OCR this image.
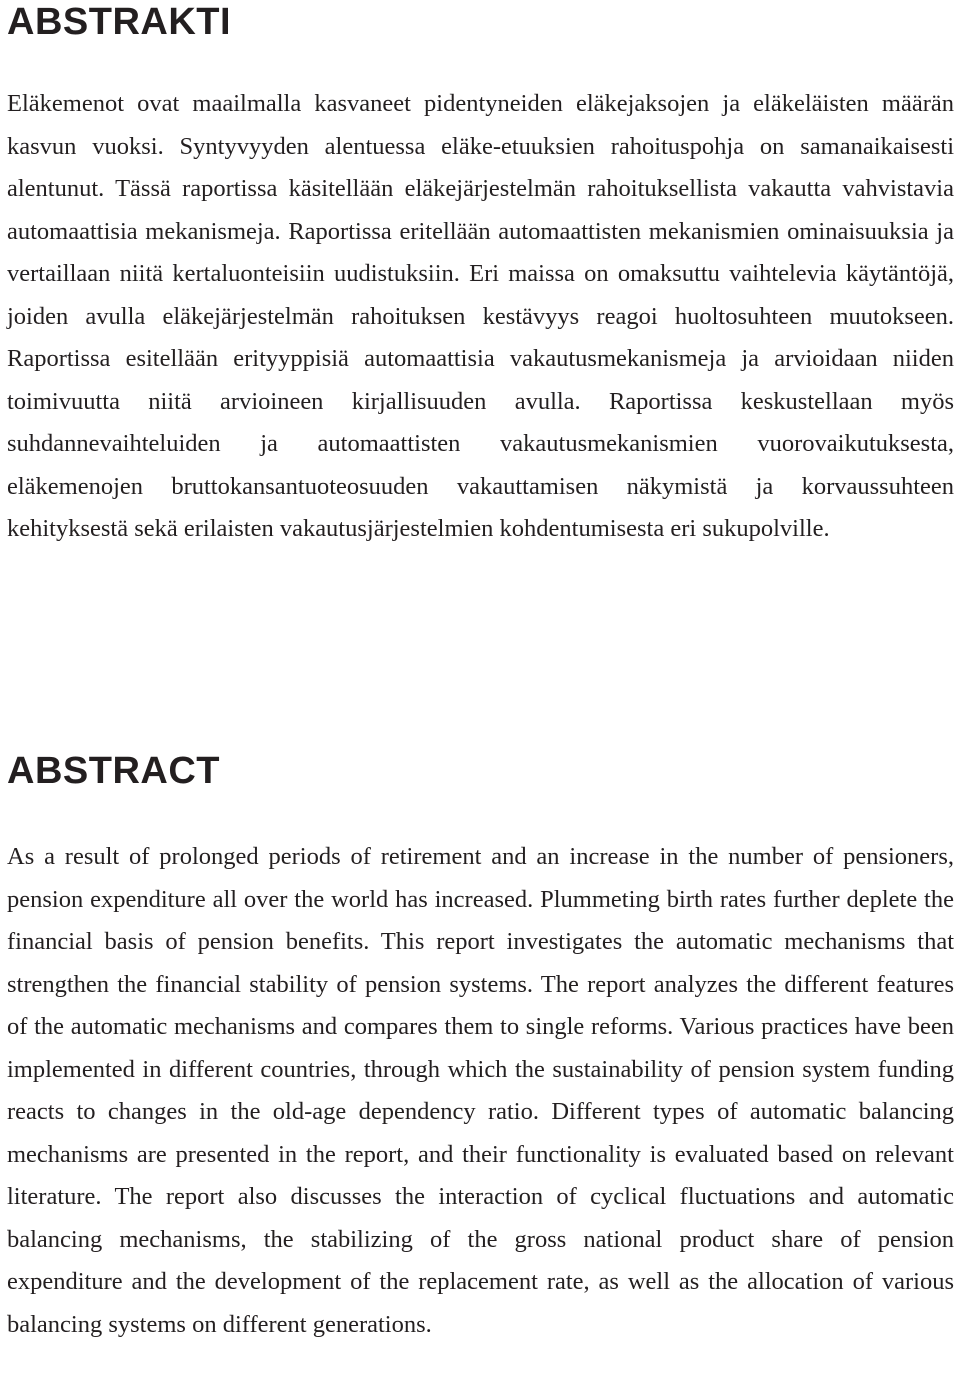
ABSTRAKTI

Eläkemenot ovat maailmalla kasvaneet pidentyneiden eläkejaksojen ja eläkeläisten määrän kasvun vuoksi. Syntyvyyden alentuessa eläke-etuuksien rahoituspohja on samanaikaisesti alentunut. Tässä raportissa käsitellään eläkejärjestelmän rahoituksellista vakautta vahvistavia automaattisia mekanismeja. Raportissa eritellään automaattisten mekanismien ominaisuuksia ja vertaillaan niitä kertaluonteisiin uudistuksiin. Eri maissa on omaksuttu vaihtelevia käytäntöjä, joiden avulla eläkejärjestelmän rahoituksen kestävyys reagoi huoltosuhteen muutokseen. Raportissa esitellään erityyppisiä automaattisia vakautusmekanismeja ja arvioidaan niiden toimivuutta niitä arvioineen kirjallisuuden avulla. Raportissa keskustellaan myös suhdannevaihteluiden ja automaattisten vakautusmekanismien vuorovaikutuksesta, eläkemenojen bruttokansantuoteosuuden vakauttamisen näkymistä ja korvaussuhteen kehityksestä sekä erilaisten vakautusjärjestelmien kohdentumisesta eri sukupolville.

ABSTRACT

As a result of prolonged periods of retirement and an increase in the number of pensioners, pension expenditure all over the world has increased. Plummeting birth rates further deplete the financial basis of pension benefits. This report investigates the automatic mechanisms that strengthen the financial stability of pension systems. The report analyzes the different features of the automatic mechanisms and compares them to single reforms. Various practices have been implemented in different countries, through which the sustainability of pension system funding reacts to changes in the old-age dependency ratio. Different types of automatic balancing mechanisms are presented in the report, and their functionality is evaluated based on relevant literature. The report also discusses the interaction of cyclical fluctuations and automatic balancing mechanisms, the stabilizing of the gross national product share of pension expenditure and the development of the replacement rate, as well as the allocation of various balancing systems on different generations.
